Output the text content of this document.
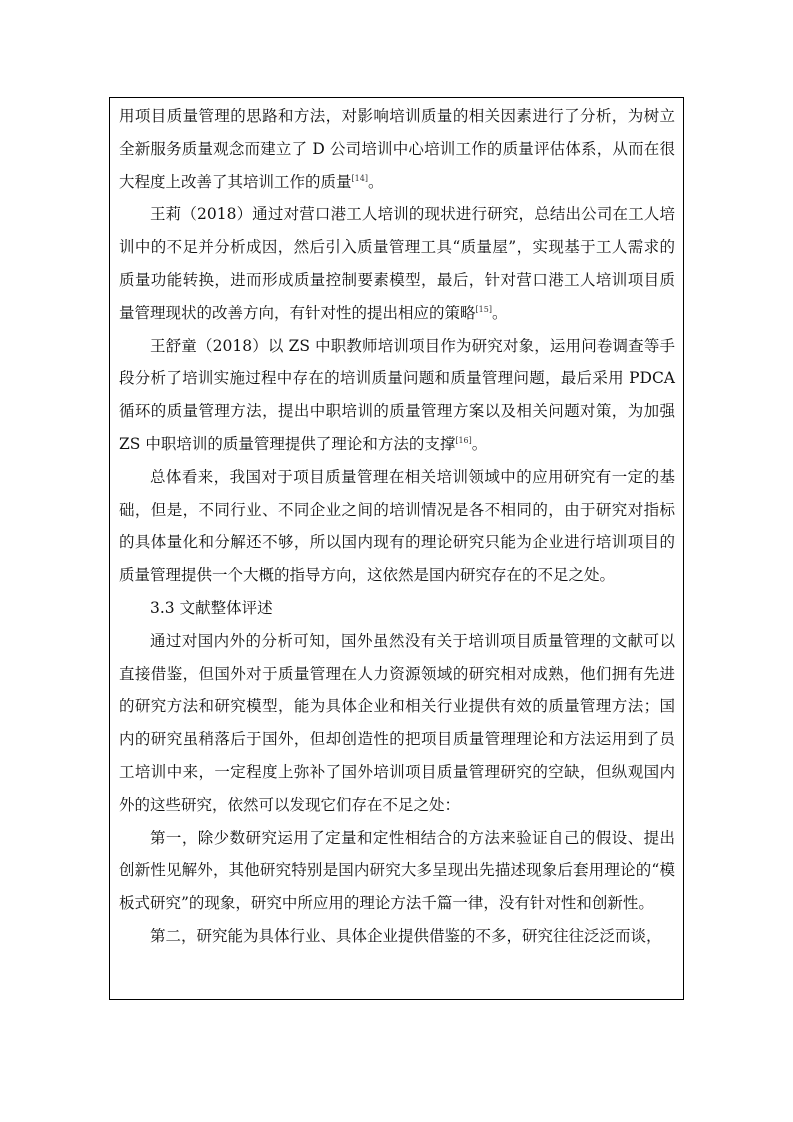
用项目质量管理的思路和方法，对影响培训质量的相关因素进行了分析，为树立全新服务质量观念而建立了 D 公司培训中心培训工作的质量评估体系，从而在很大程度上改善了其培训工作的质量[14]。

王莉（2018）通过对营口港工人培训的现状进行研究，总结出公司在工人培训中的不足并分析成因，然后引入质量管理工具“质量屋”，实现基于工人需求的质量功能转换，进而形成质量控制要素模型，最后，针对营口港工人培训项目质量管理现状的改善方向，有针对性的提出相应的策略[15]。

王舒童（2018）以 ZS 中职教师培训项目作为研究对象，运用问卷调查等手段分析了培训实施过程中存在的培训质量问题和质量管理问题，最后采用 PDCA 循环的质量管理方法，提出中职培训的质量管理方案以及相关问题对策，为加强 ZS 中职培训的质量管理提供了理论和方法的支撑[16]。

总体看来，我国对于项目质量管理在相关培训领域中的应用研究有一定的基础，但是，不同行业、不同企业之间的培训情况是各不相同的，由于研究对指标的具体量化和分解还不够，所以国内现有的理论研究只能为企业进行培训项目的质量管理提供一个大概的指导方向，这依然是国内研究存在的不足之处。

3.3 文献整体评述

通过对国内外的分析可知，国外虽然没有关于培训项目质量管理的文献可以直接借鉴，但国外对于质量管理在人力资源领域的研究相对成熟，他们拥有先进的研究方法和研究模型，能为具体企业和相关行业提供有效的质量管理方法；国内的研究虽稍落后于国外，但却创造性的把项目质量管理理论和方法运用到了员工培训中来，一定程度上弥补了国外培训项目质量管理研究的空缺，但纵观国内外的这些研究，依然可以发现它们存在不足之处：

第一，除少数研究运用了定量和定性相结合的方法来验证自己的假设、提出创新性见解外，其他研究特别是国内研究大多呈现出先描述现象后套用理论的“模板式研究”的现象，研究中所应用的理论方法千篇一律，没有针对性和创新性。

第二，研究能为具体行业、具体企业提供借鉴的不多，研究往往泛泛而谈，
